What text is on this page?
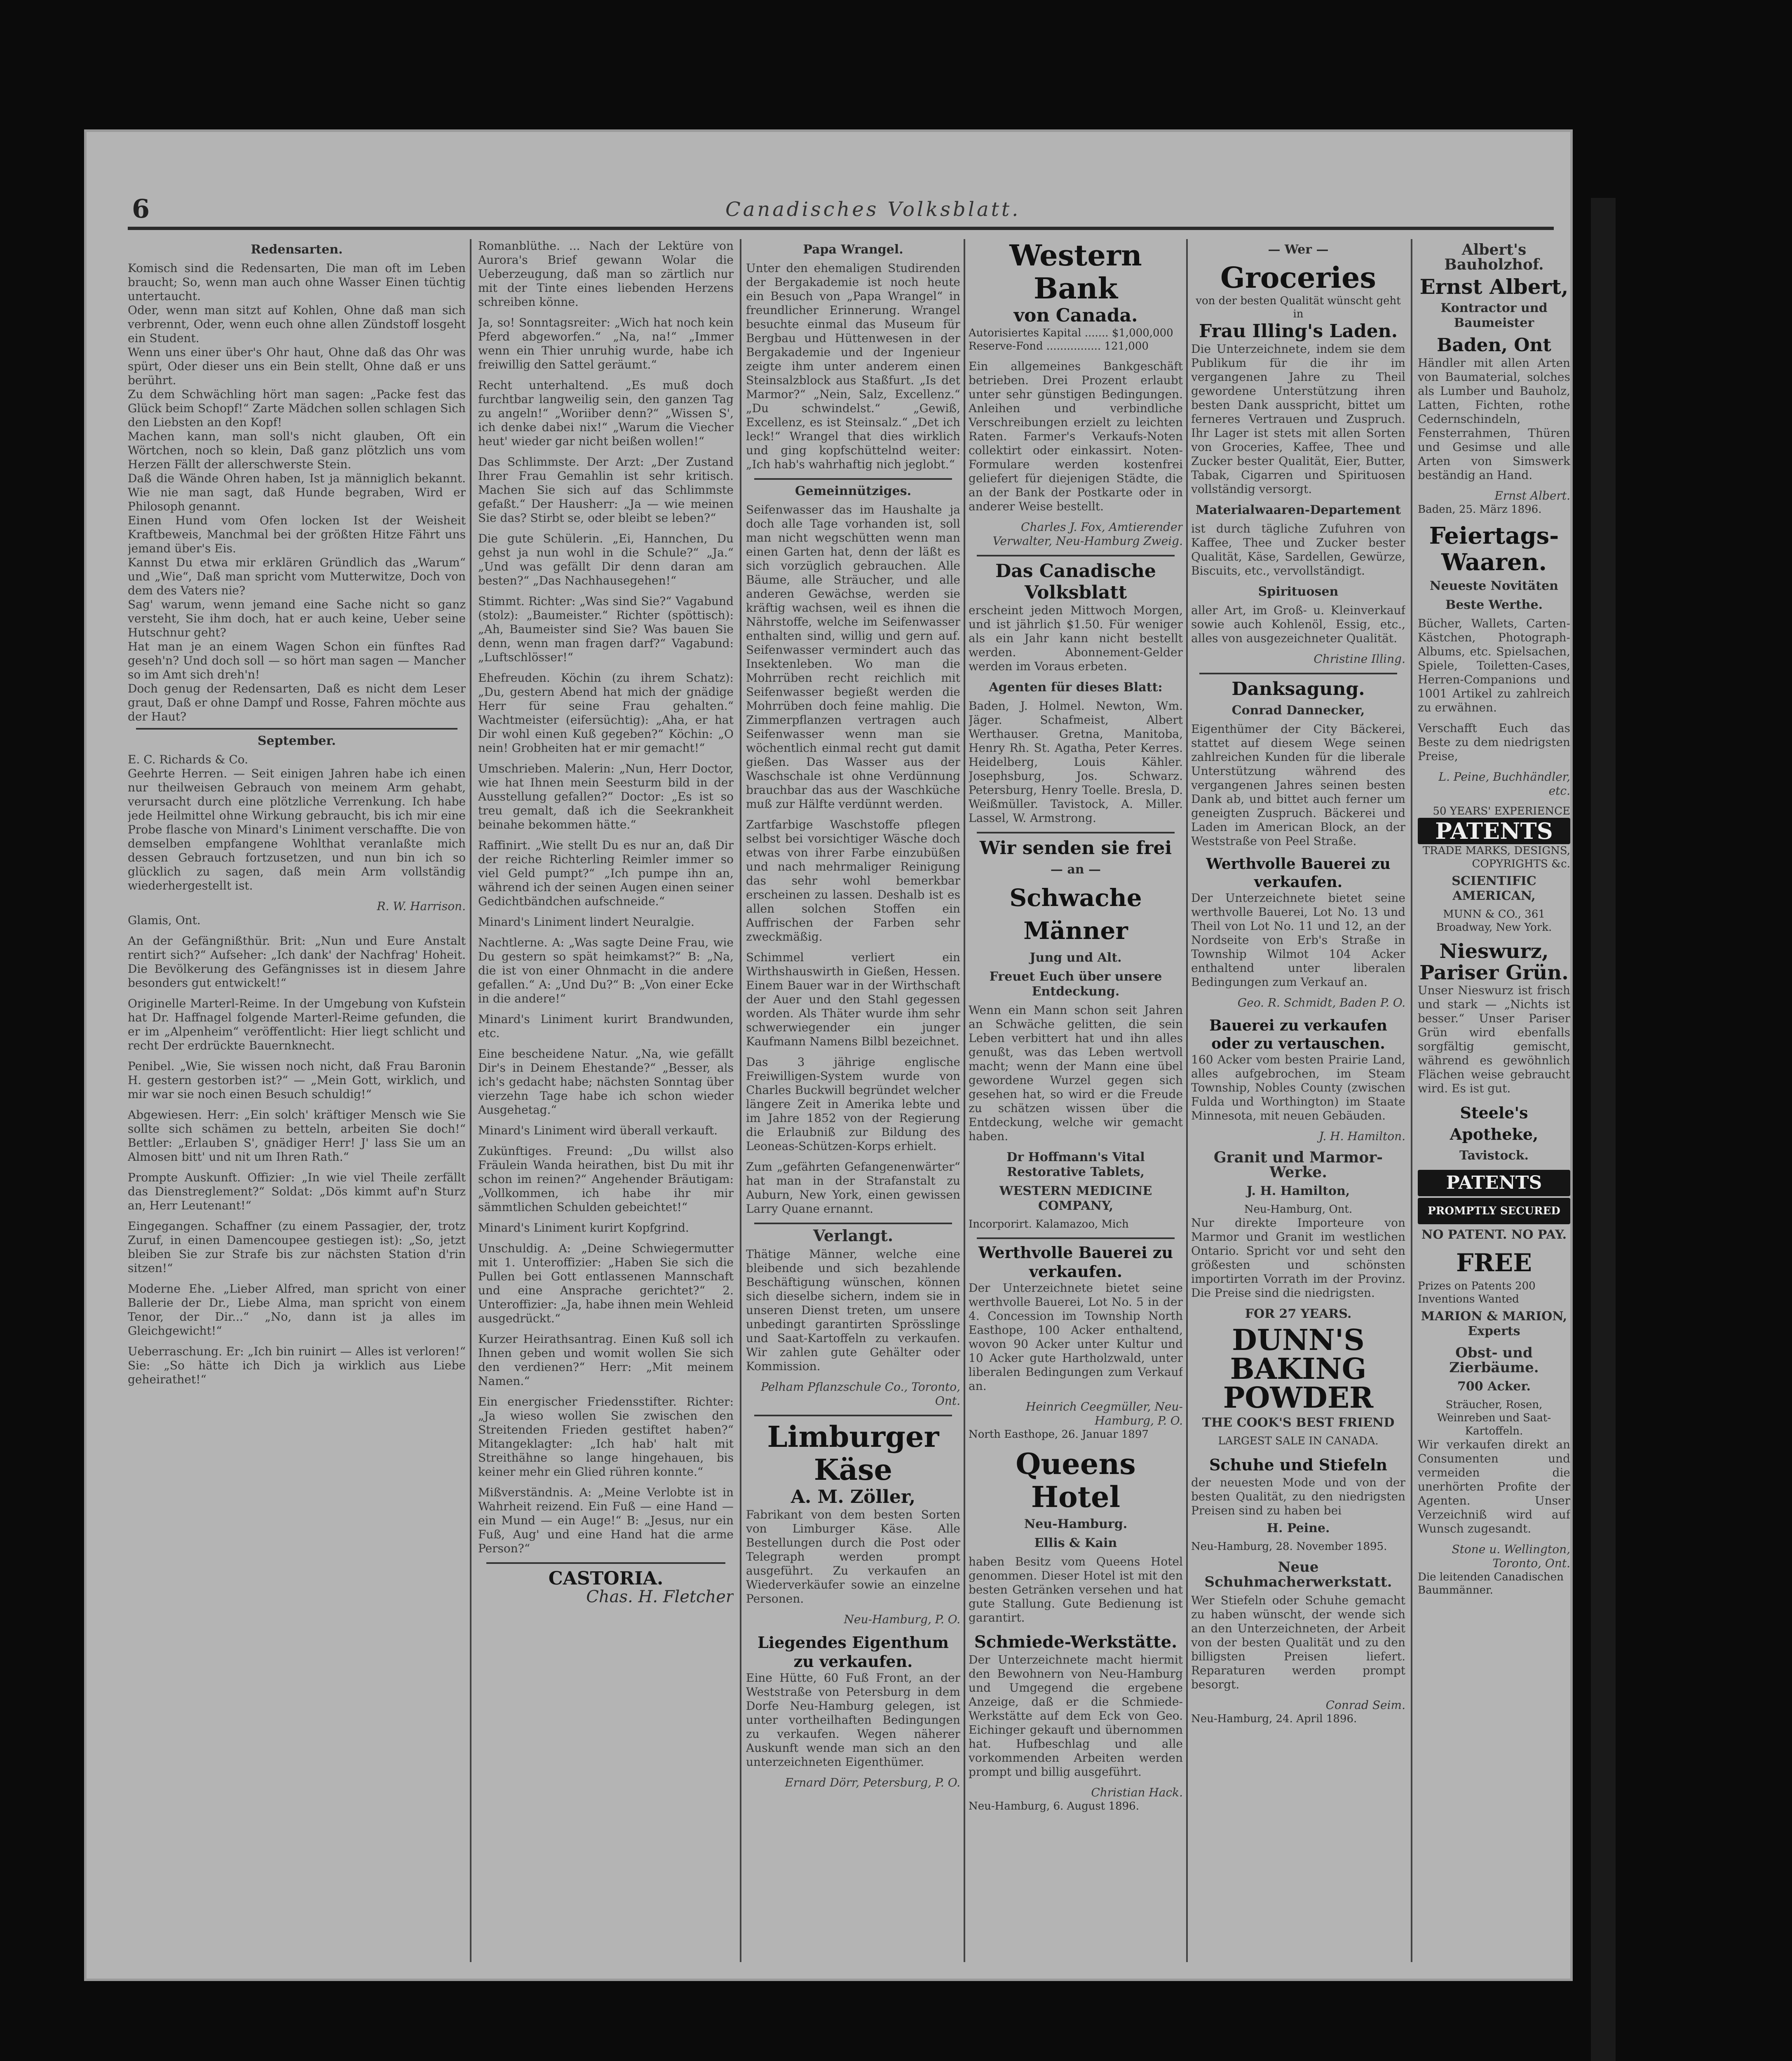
6	Canadisches Volksblatt.
Redensarten.

Komisch sind die Redensarten, Die man oft im Leben braucht; So, wenn man auch ohne Wasser Einen tüchtig untertaucht.

Oder, wenn man sitzt auf Kohlen, Ohne daß man sich verbrennt, Oder, wenn euch ohne allen Zündstoff losgeht ein Student.

Wenn uns einer über's Ohr haut, Ohne daß das Ohr was spürt, Oder dieser uns ein Bein stellt, Ohne daß er uns berührt.

Zu dem Schwächling hört man sagen: „Packe fest das Glück beim Schopf!“ Zarte Mädchen sollen schlagen Sich den Liebsten an den Kopf!

Machen kann, man soll's nicht glauben, Oft ein Wörtchen, noch so klein, Daß ganz plötzlich uns vom Herzen Fällt der allerschwerste Stein.

Daß die Wände Ohren haben, Ist ja männiglich bekannt. Wie nie man sagt, daß Hunde begraben, Wird er Philosoph genannt.

Einen Hund vom Ofen locken Ist der Weisheit Kraftbeweis, Manchmal bei der größten Hitze Fährt uns jemand über's Eis.

Kannst Du etwa mir erklären Gründlich das „Warum“ und „Wie“, Daß man spricht vom Mutterwitze, Doch von dem des Vaters nie?

Sag' warum, wenn jemand eine Sache nicht so ganz versteht, Sie ihm doch, hat er auch keine, Ueber seine Hutschnur geht?

Hat man je an einem Wagen Schon ein fünftes Rad geseh'n? Und doch soll — so hört man sagen — Mancher so im Amt sich dreh'n!

Doch genug der Redensarten, Daß es nicht dem Leser graut, Daß er ohne Dampf und Rosse, Fahren möchte aus der Haut?

September.
E. C. Richards & Co.
Geehrte Herren. — Seit einigen Jahren habe ich einen nur theilweisen Gebrauch von meinem Arm gehabt, verursacht durch eine plötzliche Verrenkung. Ich habe jede Heilmittel ohne Wirkung gebraucht, bis ich mir eine Probe flasche von Minard's Liniment verschaffte. Die von demselben empfangene Wohlthat veranlaßte mich dessen Gebrauch fortzusetzen, und nun bin ich so glücklich zu sagen, daß mein Arm vollständig wiederhergestellt ist.
R. W. Harrison.
Glamis, Ont.
An der Gefängnißthür. Brit: „Nun und Eure Anstalt rentirt sich?“ Aufseher: „Ich dank' der Nachfrag' Hoheit. Die Bevölkerung des Gefängnisses ist in diesem Jahre besonders gut entwickelt!“
Originelle Marterl-Reime. In der Umgebung von Kufstein hat Dr. Haffnagel folgende Marterl-Reime gefunden, die er im „Alpenheim“ veröffentlicht: Hier liegt schlicht und recht Der erdrückte Bauernknecht.
Penibel. „Wie, Sie wissen noch nicht, daß Frau Baronin H. gestern gestorben ist?“ — „Mein Gott, wirklich, und mir war sie noch einen Besuch schuldig!“
Abgewiesen. Herr: „Ein solch' kräftiger Mensch wie Sie sollte sich schämen zu betteln, arbeiten Sie doch!“ Bettler: „Erlauben S', gnädiger Herr! J' lass Sie um an Almosen bitt' und nit um Ihren Rath.“
Prompte Auskunft. Offizier: „In wie viel Theile zerfällt das Dienstreglement?“ Soldat: „Dös kimmt auf'n Sturz an, Herr Leutenant!“
Eingegangen. Schaffner (zu einem Passagier, der, trotz Zuruf, in einen Damencoupee gestiegen ist): „So, jetzt bleiben Sie zur Strafe bis zur nächsten Station d'rin sitzen!“
Moderne Ehe. „Lieber Alfred, man spricht von einer Ballerie der Dr., Liebe Alma, man spricht von einem Tenor, der Dir...“ „No, dann ist ja alles im Gleichgewicht!“
Ueberraschung. Er: „Ich bin ruinirt — Alles ist verloren!“ Sie: „So hätte ich Dich ja wirklich aus Liebe geheirathet!“
Romanblüthe. ... Nach der Lektüre von Aurora's Brief gewann Wolar die Ueberzeugung, daß man so zärtlich nur mit der Tinte eines liebenden Herzens schreiben könne.
Ja, so! Sonntagsreiter: „Wich hat noch kein Pferd abgeworfen.“ „Na, na!“ „Immer wenn ein Thier unruhig wurde, habe ich freiwillig den Sattel geräumt.“
Recht unterhaltend. „Es muß doch furchtbar langweilig sein, den ganzen Tag zu angeln!“ „Woriiber denn?“ „Wissen S', ich denke dabei nix!“ „Warum die Viecher heut' wieder gar nicht beißen wollen!“
Das Schlimmste. Der Arzt: „Der Zustand Ihrer Frau Gemahlin ist sehr kritisch. Machen Sie sich auf das Schlimmste gefaßt.“ Der Hausherr: „Ja — wie meinen Sie das? Stirbt se, oder bleibt se leben?“
Die gute Schülerin. „Ei, Hannchen, Du gehst ja nun wohl in die Schule?“ „Ja.“ „Und was gefällt Dir denn daran am besten?“ „Das Nachhausegehen!“
Stimmt. Richter: „Was sind Sie?“ Vagabund (stolz): „Baumeister.“ Richter (spöttisch): „Ah, Baumeister sind Sie? Was bauen Sie denn, wenn man fragen darf?“ Vagabund: „Luftschlösser!“
Ehefreuden. Köchin (zu ihrem Schatz): „Du, gestern Abend hat mich der gnädige Herr für seine Frau gehalten.“ Wachtmeister (eifersüchtig): „Aha, er hat Dir wohl einen Kuß gegeben?“ Köchin: „O nein! Grobheiten hat er mir gemacht!“
Umschrieben. Malerin: „Nun, Herr Doctor, wie hat Ihnen mein Seesturm bild in der Ausstellung gefallen?“ Doctor: „Es ist so treu gemalt, daß ich die Seekrankheit beinahe bekommen hätte.“
Raffinirt. „Wie stellt Du es nur an, daß Dir der reiche Richterling Reimler immer so viel Geld pumpt?“ „Ich pumpe ihn an, während ich der seinen Augen einen seiner Gedichtbändchen aufschneide.“
Minard's Liniment lindert Neuralgie.
Nachtlerne. A: „Was sagte Deine Frau, wie Du gestern so spät heimkamst?“ B: „Na, die ist von einer Ohnmacht in die andere gefallen.“ A: „Und Du?“ B: „Von einer Ecke in die andere!“
Minard's Liniment kurirt Brandwunden, etc.
Eine bescheidene Natur. „Na, wie gefällt Dir's in Deinem Ehestande?“ „Besser, als ich's gedacht habe; nächsten Sonntag über vierzehn Tage habe ich schon wieder Ausgehetag.“
Minard's Liniment wird überall verkauft.
Zukünftiges. Freund: „Du willst also Fräulein Wanda heirathen, bist Du mit ihr schon im reinen?“ Angehender Bräutigam: „Vollkommen, ich habe ihr mir sämmtlichen Schulden gebeichtet!“
Minard's Liniment kurirt Kopfgrind.
Unschuldig. A: „Deine Schwiegermutter mit 1. Unteroffizier: „Haben Sie sich die Pullen bei Gott entlassenen Mannschaft und eine Ansprache gerichtet?“ 2. Unteroffizier: „Ja, habe ihnen mein Wehleid ausgedrückt.“
Kurzer Heirathsantrag. Einen Kuß soll ich Ihnen geben und womit wollen Sie sich den verdienen?“ Herr: „Mit meinem Namen.“
Ein energischer Friedensstifter. Richter: „Ja wieso wollen Sie zwischen den Streitenden Frieden gestiftet haben?“ Mitangeklagter: „Ich hab' halt mit Streithähne so lange hingehauen, bis keiner mehr ein Glied rühren konnte.“
Mißverständnis. A: „Meine Verlobte ist in Wahrheit reizend. Ein Fuß — eine Hand — ein Mund — ein Auge!“ B: „Jesus, nur ein Fuß, Aug' und eine Hand hat die arme Person?“
CASTORIA.
Chas. H. Fletcher
Papa Wrangel.
Unter den ehemaligen Studirenden der Bergakademie ist noch heute ein Besuch von „Papa Wrangel“ in freundlicher Erinnerung. Wrangel besuchte einmal das Museum für Bergbau und Hüttenwesen in der Bergakademie und der Ingenieur zeigte ihm unter anderem einen Steinsalzblock aus Staßfurt. „Is det Marmor?“ „Nein, Salz, Excellenz.“ „Du schwindelst.“ „Gewiß, Excellenz, es ist Steinsalz.“ „Det ich leck!“ Wrangel that dies wirklich und ging kopfschüttelnd weiter: „Ich hab's wahrhaftig nich jeglobt.“
Gemeinnütziges.
Seifenwasser das im Haushalte ja doch alle Tage vorhanden ist, soll man nicht wegschütten wenn man einen Garten hat, denn der läßt es sich vorzüglich gebrauchen. Alle Bäume, alle Sträucher, und alle anderen Gewächse, werden sie kräftig wachsen, weil es ihnen die Nährstoffe, welche im Seifenwasser enthalten sind, willig und gern auf. Seifenwasser vermindert auch das Insektenleben. Wo man die Mohrrüben recht reichlich mit Seifenwasser begießt werden die Mohrrüben doch feine mahlig. Die Zimmerpflanzen vertragen auch Seifenwasser wenn man sie wöchentlich einmal recht gut damit gießen. Das Wasser aus der Waschschale ist ohne Verdünnung brauchbar das aus der Waschküche muß zur Hälfte verdünnt werden.
Zartfarbige Waschstoffe pflegen selbst bei vorsichtiger Wäsche doch etwas von ihrer Farbe einzubüßen und nach mehrmaliger Reinigung das sehr wohl bemerkbar erscheinen zu lassen. Deshalb ist es allen solchen Stoffen ein Auffrischen der Farben sehr zweckmäßig.
Schimmel verliert ein Wirthshauswirth in Gießen, Hessen. Einem Bauer war in der Wirthschaft der Auer und den Stahl gegessen worden. Als Thäter wurde ihm sehr schwerwiegender ein junger Kaufmann Namens Bilbl bezeichnet.
Das 3 jährige englische Freiwilligen-System wurde von Charles Buckwill begründet welcher längere Zeit in Amerika lebte und im Jahre 1852 von der Regierung die Erlaubniß zur Bildung des Leoneas-Schützen-Korps erhielt.
Zum „gefährten Gefangenenwärter“ hat man in der Strafanstalt zu Auburn, New York, einen gewissen Larry Quane ernannt.
Verlangt.
Thätige Männer, welche eine bleibende und sich bezahlende Beschäftigung wünschen, können sich dieselbe sichern, indem sie in unseren Dienst treten, um unsere unbedingt garantirten Sprösslinge und Saat-Kartoffeln zu verkaufen. Wir zahlen gute Gehälter oder Kommission.
Pelham Pflanzschule Co., Toronto, Ont.
Limburger Käse
A. M. Zöller,
Fabrikant von dem besten Sorten von Limburger Käse. Alle Bestellungen durch die Post oder Telegraph werden prompt ausgeführt. Zu verkaufen an Wiederverkäufer sowie an einzelne Personen.
Neu-Hamburg, P. O.
Liegendes Eigenthum zu verkaufen.
Eine Hütte, 60 Fuß Front, an der Weststraße von Petersburg in dem Dorfe Neu-Hamburg gelegen, ist unter vortheilhaften Bedingungen zu verkaufen. Wegen näherer Auskunft wende man sich an den unterzeichneten Eigenthümer.
Ernard Dörr, Petersburg, P. O.
Western Bank
von Canada.
Autorisiertes Kapital ....... $1,000,000
Reserve-Fond ................ 121,000
Ein allgemeines Bankgeschäft betrieben. Drei Prozent erlaubt unter sehr günstigen Bedingungen. Anleihen und verbindliche Verschreibungen erzielt zu leichten Raten. Farmer's Verkaufs-Noten collektirt oder einkassirt. Noten-Formulare werden kostenfrei geliefert für diejenigen Städte, die an der Bank der Postkarte oder in anderer Weise bestellt.
Charles J. Fox, Amtierender Verwalter, Neu-Hamburg Zweig.
Das Canadische Volksblatt
erscheint jeden Mittwoch Morgen, und ist jährlich $1.50. Für weniger als ein Jahr kann nicht bestellt werden. Abonnement-Gelder werden im Voraus erbeten.
Agenten für dieses Blatt:
Baden, J. Holmel. Newton, Wm. Jäger. Schafmeist, Albert Werthauser. Gretna, Manitoba, Henry Rh. St. Agatha, Peter Kerres. Heidelberg, Louis Kähler. Josephsburg, Jos. Schwarz. Petersburg, Henry Toelle. Bresla, D. Weißmüller. Tavistock, A. Miller. Lassel, W. Armstrong.
Wir senden sie frei
— an —
Schwache Männer
Jung und Alt.
Freuet Euch über unsere Entdeckung.
Wenn ein Mann schon seit Jahren an Schwäche gelitten, die sein Leben verbittert hat und ihn alles genußt, was das Leben wertvoll macht; wenn der Mann eine übel gewordene Wurzel gegen sich gesehen hat, so wird er die Freude zu schätzen wissen über die Entdeckung, welche wir gemacht haben.
Dr Hoffmann's Vital Restorative Tablets,
WESTERN MEDICINE COMPANY,
Incorporirt. Kalamazoo, Mich
Werthvolle Bauerei zu verkaufen.
Der Unterzeichnete bietet seine werthvolle Bauerei, Lot No. 5 in der 4. Concession im Township North Easthope, 100 Acker enthaltend, wovon 90 Acker unter Kultur und 10 Acker gute Hartholzwald, unter liberalen Bedingungen zum Verkauf an.
Heinrich Ceegmüller, Neu-Hamburg, P. O.
North Easthope, 26. Januar 1897
Queens Hotel
Neu-Hamburg.
Ellis & Kain
haben Besitz vom Queens Hotel genommen. Dieser Hotel ist mit den besten Getränken versehen und hat gute Stallung. Gute Bedienung ist garantirt.
Schmiede-Werkstätte.
Der Unterzeichnete macht hiermit den Bewohnern von Neu-Hamburg und Umgegend die ergebene Anzeige, daß er die Schmiede-Werkstätte auf dem Eck von Geo. Eichinger gekauft und übernommen hat. Hufbeschlag und alle vorkommenden Arbeiten werden prompt und billig ausgeführt.
Christian Hack.
Neu-Hamburg, 6. August 1896.
— Wer —
Groceries
von der besten Qualität wünscht geht in
Frau Illing's Laden.
Die Unterzeichnete, indem sie dem Publikum für die ihr im vergangenen Jahre zu Theil gewordene Unterstützung ihren besten Dank ausspricht, bittet um ferneres Vertrauen und Zuspruch. Ihr Lager ist stets mit allen Sorten von Groceries, Kaffee, Thee und Zucker bester Qualität, Eier, Butter, Tabak, Cigarren und Spirituosen vollständig versorgt.
Materialwaaren-Departement
ist durch tägliche Zufuhren von Kaffee, Thee und Zucker bester Qualität, Käse, Sardellen, Gewürze, Biscuits, etc., vervollständigt.
Spirituosen
aller Art, im Groß- u. Kleinverkauf sowie auch Kohlenöl, Essig, etc., alles von ausgezeichneter Qualität.
Christine Illing.
Danksagung.
Conrad Dannecker,
Eigenthümer der City Bäckerei, stattet auf diesem Wege seinen zahlreichen Kunden für die liberale Unterstützung während des vergangenen Jahres seinen besten Dank ab, und bittet auch ferner um geneigten Zuspruch. Bäckerei und Laden im American Block, an der Weststraße von Peel Straße.
Werthvolle Bauerei zu verkaufen.
Der Unterzeichnete bietet seine werthvolle Bauerei, Lot No. 13 und Theil von Lot No. 11 und 12, an der Nordseite von Erb's Straße in Township Wilmot 104 Acker enthaltend unter liberalen Bedingungen zum Verkauf an.
Geo. R. Schmidt, Baden P. O.
Bauerei zu verkaufen oder zu vertauschen.
160 Acker vom besten Prairie Land, alles aufgebrochen, im Steam Township, Nobles County (zwischen Fulda und Worthington) im Staate Minnesota, mit neuen Gebäuden.
J. H. Hamilton.
Granit und Marmor-Werke.
J. H. Hamilton,
Neu-Hamburg, Ont.
Nur direkte Importeure von Marmor und Granit im westlichen Ontario. Spricht vor und seht den größesten und schönsten importirten Vorrath im der Provinz. Die Preise sind die niedrigsten.
FOR 27 YEARS.
DUNN'S
BAKING
POWDER
THE COOK'S BEST FRIEND
LARGEST SALE IN CANADA.
Schuhe und Stiefeln
der neuesten Mode und von der besten Qualität, zu den niedrigsten Preisen sind zu haben bei
H. Peine.
Neu-Hamburg, 28. November 1895.
Neue Schuhmacherwerkstatt.
Wer Stiefeln oder Schuhe gemacht zu haben wünscht, der wende sich an den Unterzeichneten, der Arbeit von der besten Qualität und zu den billigsten Preisen liefert. Reparaturen werden prompt besorgt.
Conrad Seim.
Neu-Hamburg, 24. April 1896.
Albert's Bauholzhof.
Ernst Albert,
Kontractor und Baumeister
Baden, Ont
Händler mit allen Arten von Baumaterial, solches als Lumber und Bauholz, Latten, Fichten, rothe Cedernschindeln, Fensterrahmen, Thüren und Gesimse und alle Arten von Simswerk beständig an Hand.
Ernst Albert.
Baden, 25. März 1896.
Feiertags-
Waaren.
Neueste Novitäten
Beste Werthe.
Bücher, Wallets, Carten-Kästchen, Photograph-Albums, etc. Spielsachen, Spiele, Toiletten-Cases, Herren-Companions und 1001 Artikel zu zahlreich zu erwähnen.
Verschafft Euch das Beste zu dem niedrigsten Preise,
L. Peine, Buchhändler, etc.
50 YEARS' EXPERIENCE
PATENTS
TRADE MARKS, DESIGNS, COPYRIGHTS &c.
SCIENTIFIC AMERICAN,
MUNN & CO., 361 Broadway, New York.
Nieswurz,
Pariser Grün.
Unser Nieswurz ist frisch und stark — „Nichts ist besser.“ Unser Pariser Grün wird ebenfalls sorgfältig gemischt, während es gewöhnlich Flächen weise gebraucht wird. Es ist gut.
Steele's Apotheke,
Tavistock.
PATENTS
PROMPTLY SECURED
NO PATENT. NO PAY.
FREE
Prizes on Patents 200 Inventions Wanted
MARION & MARION, Experts
Obst- und Zierbäume.
700 Acker.
Sträucher, Rosen, Weinreben und Saat-Kartoffeln.
Wir verkaufen direkt an Consumenten und vermeiden die unerhörten Profite der Agenten. Unser Verzeichniß wird auf Wunsch zugesandt.
Stone u. Wellington, Toronto, Ont.
Die leitenden Canadischen Baummänner.
